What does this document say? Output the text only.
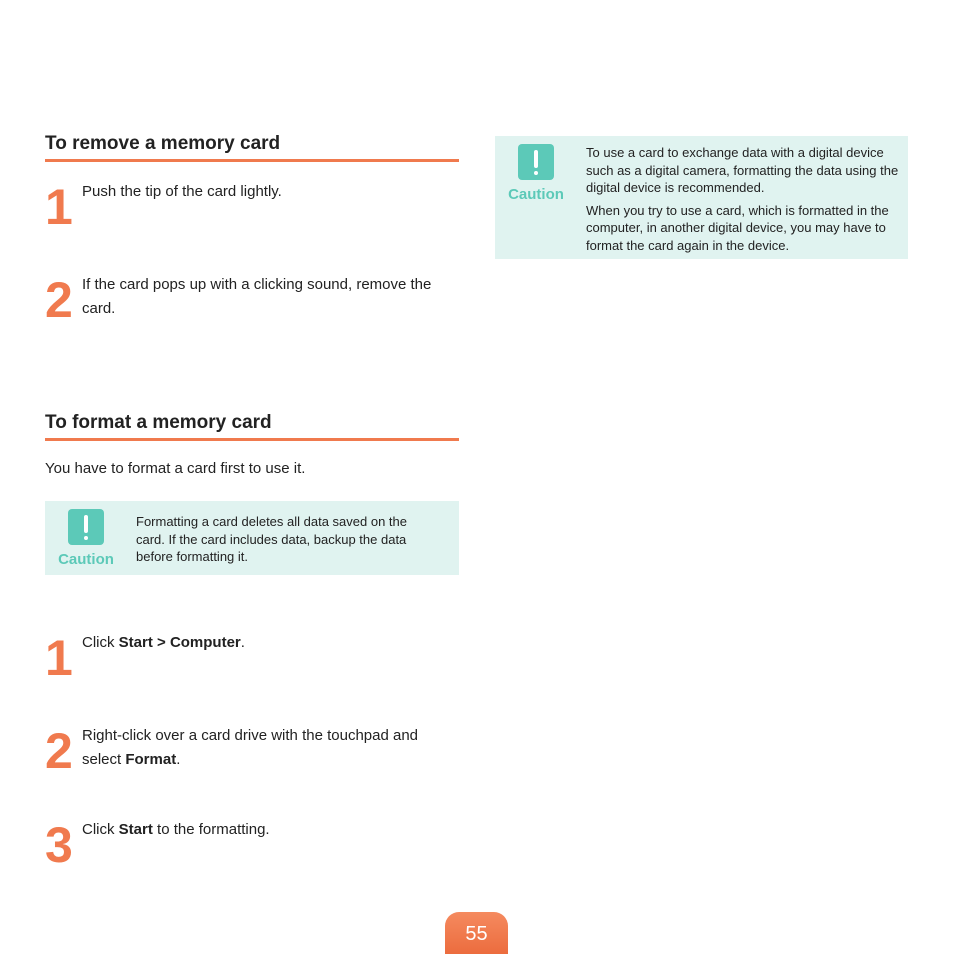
To remove a memory card
1 Push the tip of the card lightly.
2 If the card pops up with a clicking sound, remove the card.
To format a memory card
You have to format a card first to use it.
Caution

Formatting a card deletes all data saved on the card. If the card includes data, backup the data before formatting it.

1 Click Start > Computer.
2 Right-click over a card drive with the touchpad and select Format.
3 Click Start to the formatting.
Caution

To use a card to exchange data with a digital device such as a digital camera, formatting the data using the digital device is recommended.

When you try to use a card, which is formatted in the computer, in another digital device, you may have to format the card again in the device.

55
